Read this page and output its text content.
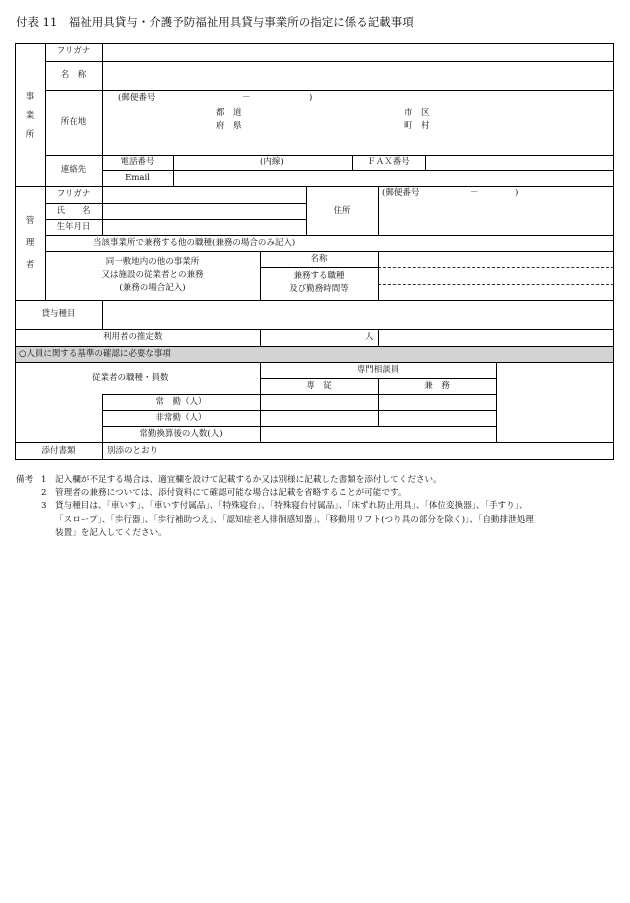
付表 11　福祉用具貸与・介護予防福祉用具貸与事業所の指定に係る記載事項
事
業
所
フリガナ
名　称
所在地
(郵便番号	－	)
都　道
府　県
市　区
町　村
連絡先
電話番号	(内線)	ＦＡＸ番号
Email
管
理
者
フリガナ
氏　　名
生年月日
住所
(郵便番号	－	)
当該事業所で兼務する他の職種(兼務の場合のみ記入)
同一敷地内の他の事業所
又は施設の従業者との兼務
(兼務の場合記入)
名称
兼務する職種
及び勤務時間等
貸与種目
利用者の推定数	人
○人員に関する基準の確認に必要な事項
従業者の職種・員数
専門相談員
専　従	兼　務
常　勤（人）
非常勤（人）
常勤換算後の人数(人)
添付書類	別添のとおり
備考 1 記入欄が不足する場合は、適宜欄を設けて記載するか又は別様に記載した書類を添付してください。
2 管理者の兼務については、添付資料にて確認可能な場合は記載を省略することが可能です。
3 貸与種目は、「車いす」、「車いす付属品」、「特殊寝台」、「特殊寝台付属品」、「床ずれ防止用具」、「体位変換器」、「手すり」、
「スロープ」、「歩行器」、「歩行補助つえ」、「認知症老人徘徊感知器」、「移動用リフト(つり具の部分を除く)」、「自動排泄処理
装置」を記入してください。
